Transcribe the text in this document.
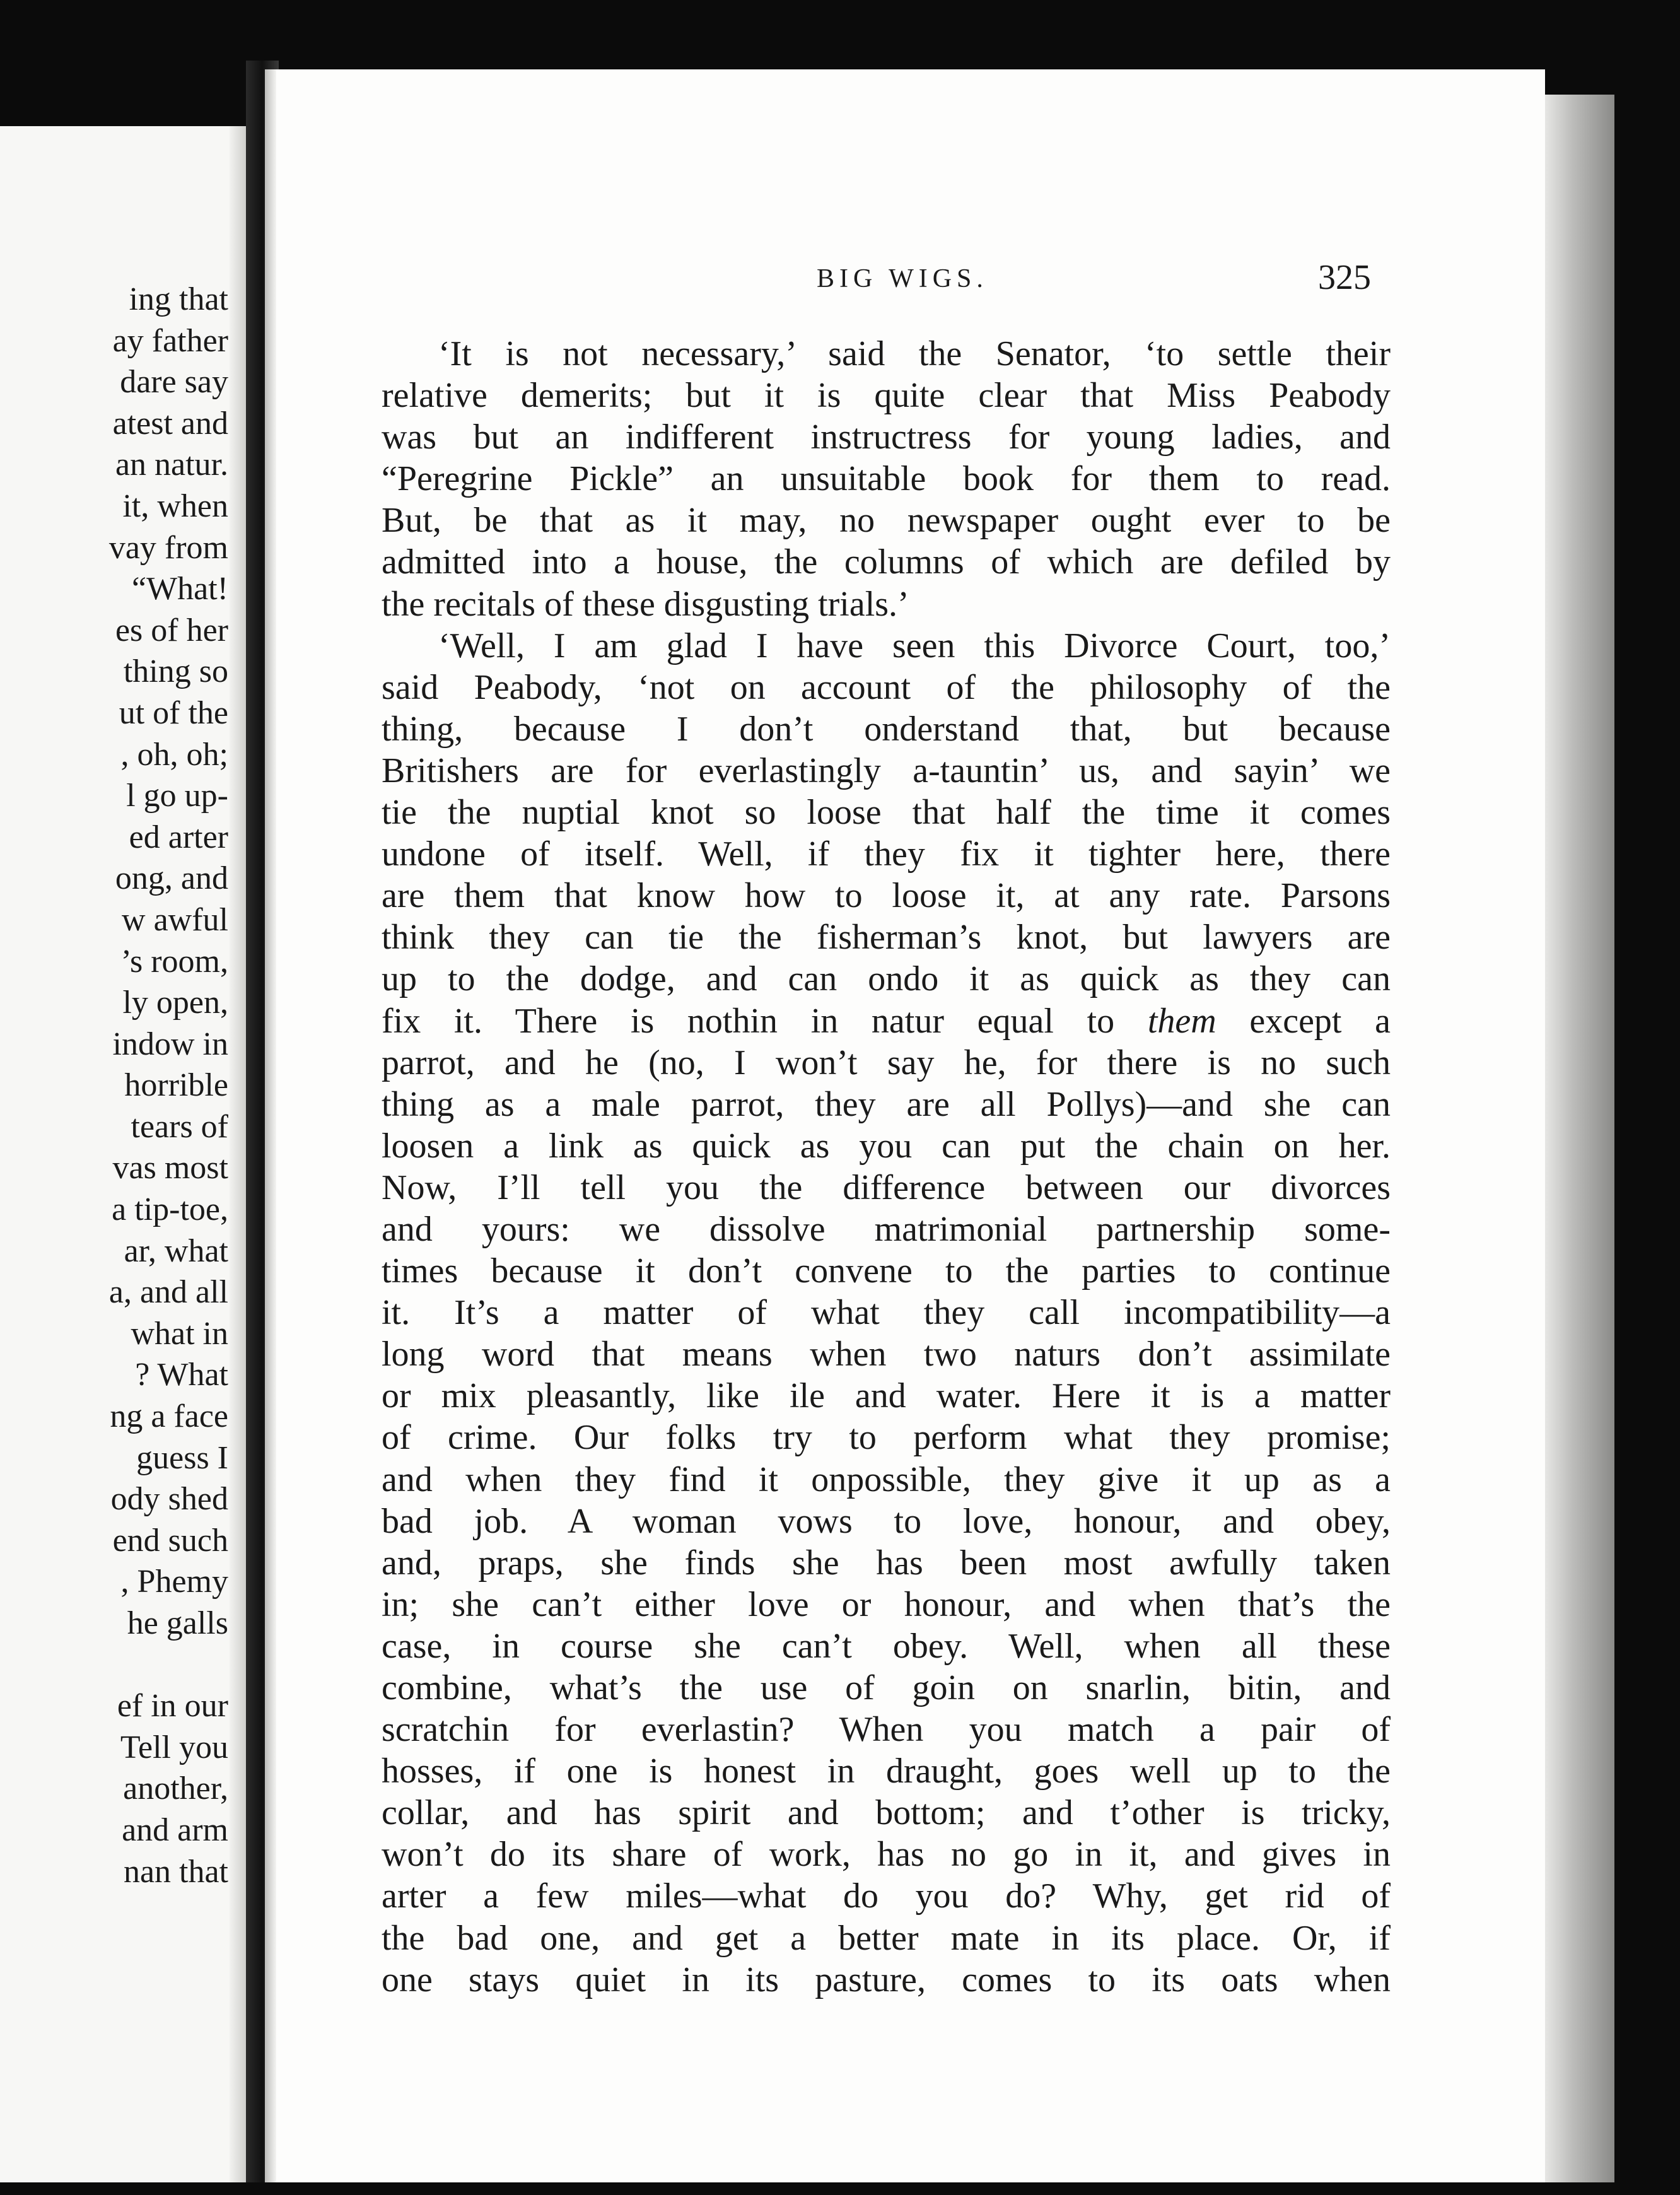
ing that
ay father
dare say
atest and
an natur.
it, when
vay from
“What!
es of her
thing so
ut of the
, oh, oh;
l go up-
ed arter
ong, and
w awful
’s room,
ly open,
indow in
horrible
tears of
vas most
a tip-toe,
ar, what
a, and all
what in
? What
ng a face
guess I
ody shed
end such
, Phemy
he galls
ef in our
Tell you
another,
and arm
nan that
BIG WIGS.	325
‘It is not necessary,’ said the Senator, ‘to settle their
relative demerits; but it is quite clear that Miss Peabody
was but an indifferent instructress for young ladies, and
“Peregrine Pickle” an unsuitable book for them to read.
But, be that as it may, no newspaper ought ever to be
admitted into a house, the columns of which are defiled by
the recitals of these disgusting trials.’
‘Well, I am glad I have seen this Divorce Court, too,’
said Peabody, ‘not on account of the philosophy of the
thing, because I don’t onderstand that, but because
Britishers are for everlastingly a-tauntin’ us, and sayin’ we
tie the nuptial knot so loose that half the time it comes
undone of itself. Well, if they fix it tighter here, there
are them that know how to loose it, at any rate. Parsons
think they can tie the fisherman’s knot, but lawyers are
up to the dodge, and can ondo it as quick as they can
fix it. There is nothin in natur equal to them except a
parrot, and he (no, I won’t say he, for there is no such
thing as a male parrot, they are all Pollys)—and she can
loosen a link as quick as you can put the chain on her.
Now, I’ll tell you the difference between our divorces
and yours: we dissolve matrimonial partnership some-
times because it don’t convene to the parties to continue
it. It’s a matter of what they call incompatibility—a
long word that means when two naturs don’t assimilate
or mix pleasantly, like ile and water. Here it is a matter
of crime. Our folks try to perform what they promise;
and when they find it onpossible, they give it up as a
bad job. A woman vows to love, honour, and obey,
and, praps, she finds she has been most awfully taken
in; she can’t either love or honour, and when that’s the
case, in course she can’t obey. Well, when all these
combine, what’s the use of goin on snarlin, bitin, and
scratchin for everlastin? When you match a pair of
hosses, if one is honest in draught, goes well up to the
collar, and has spirit and bottom; and t’other is tricky,
won’t do its share of work, has no go in it, and gives in
arter a few miles—what do you do? Why, get rid of
the bad one, and get a better mate in its place. Or, if
one stays quiet in its pasture, comes to its oats when
